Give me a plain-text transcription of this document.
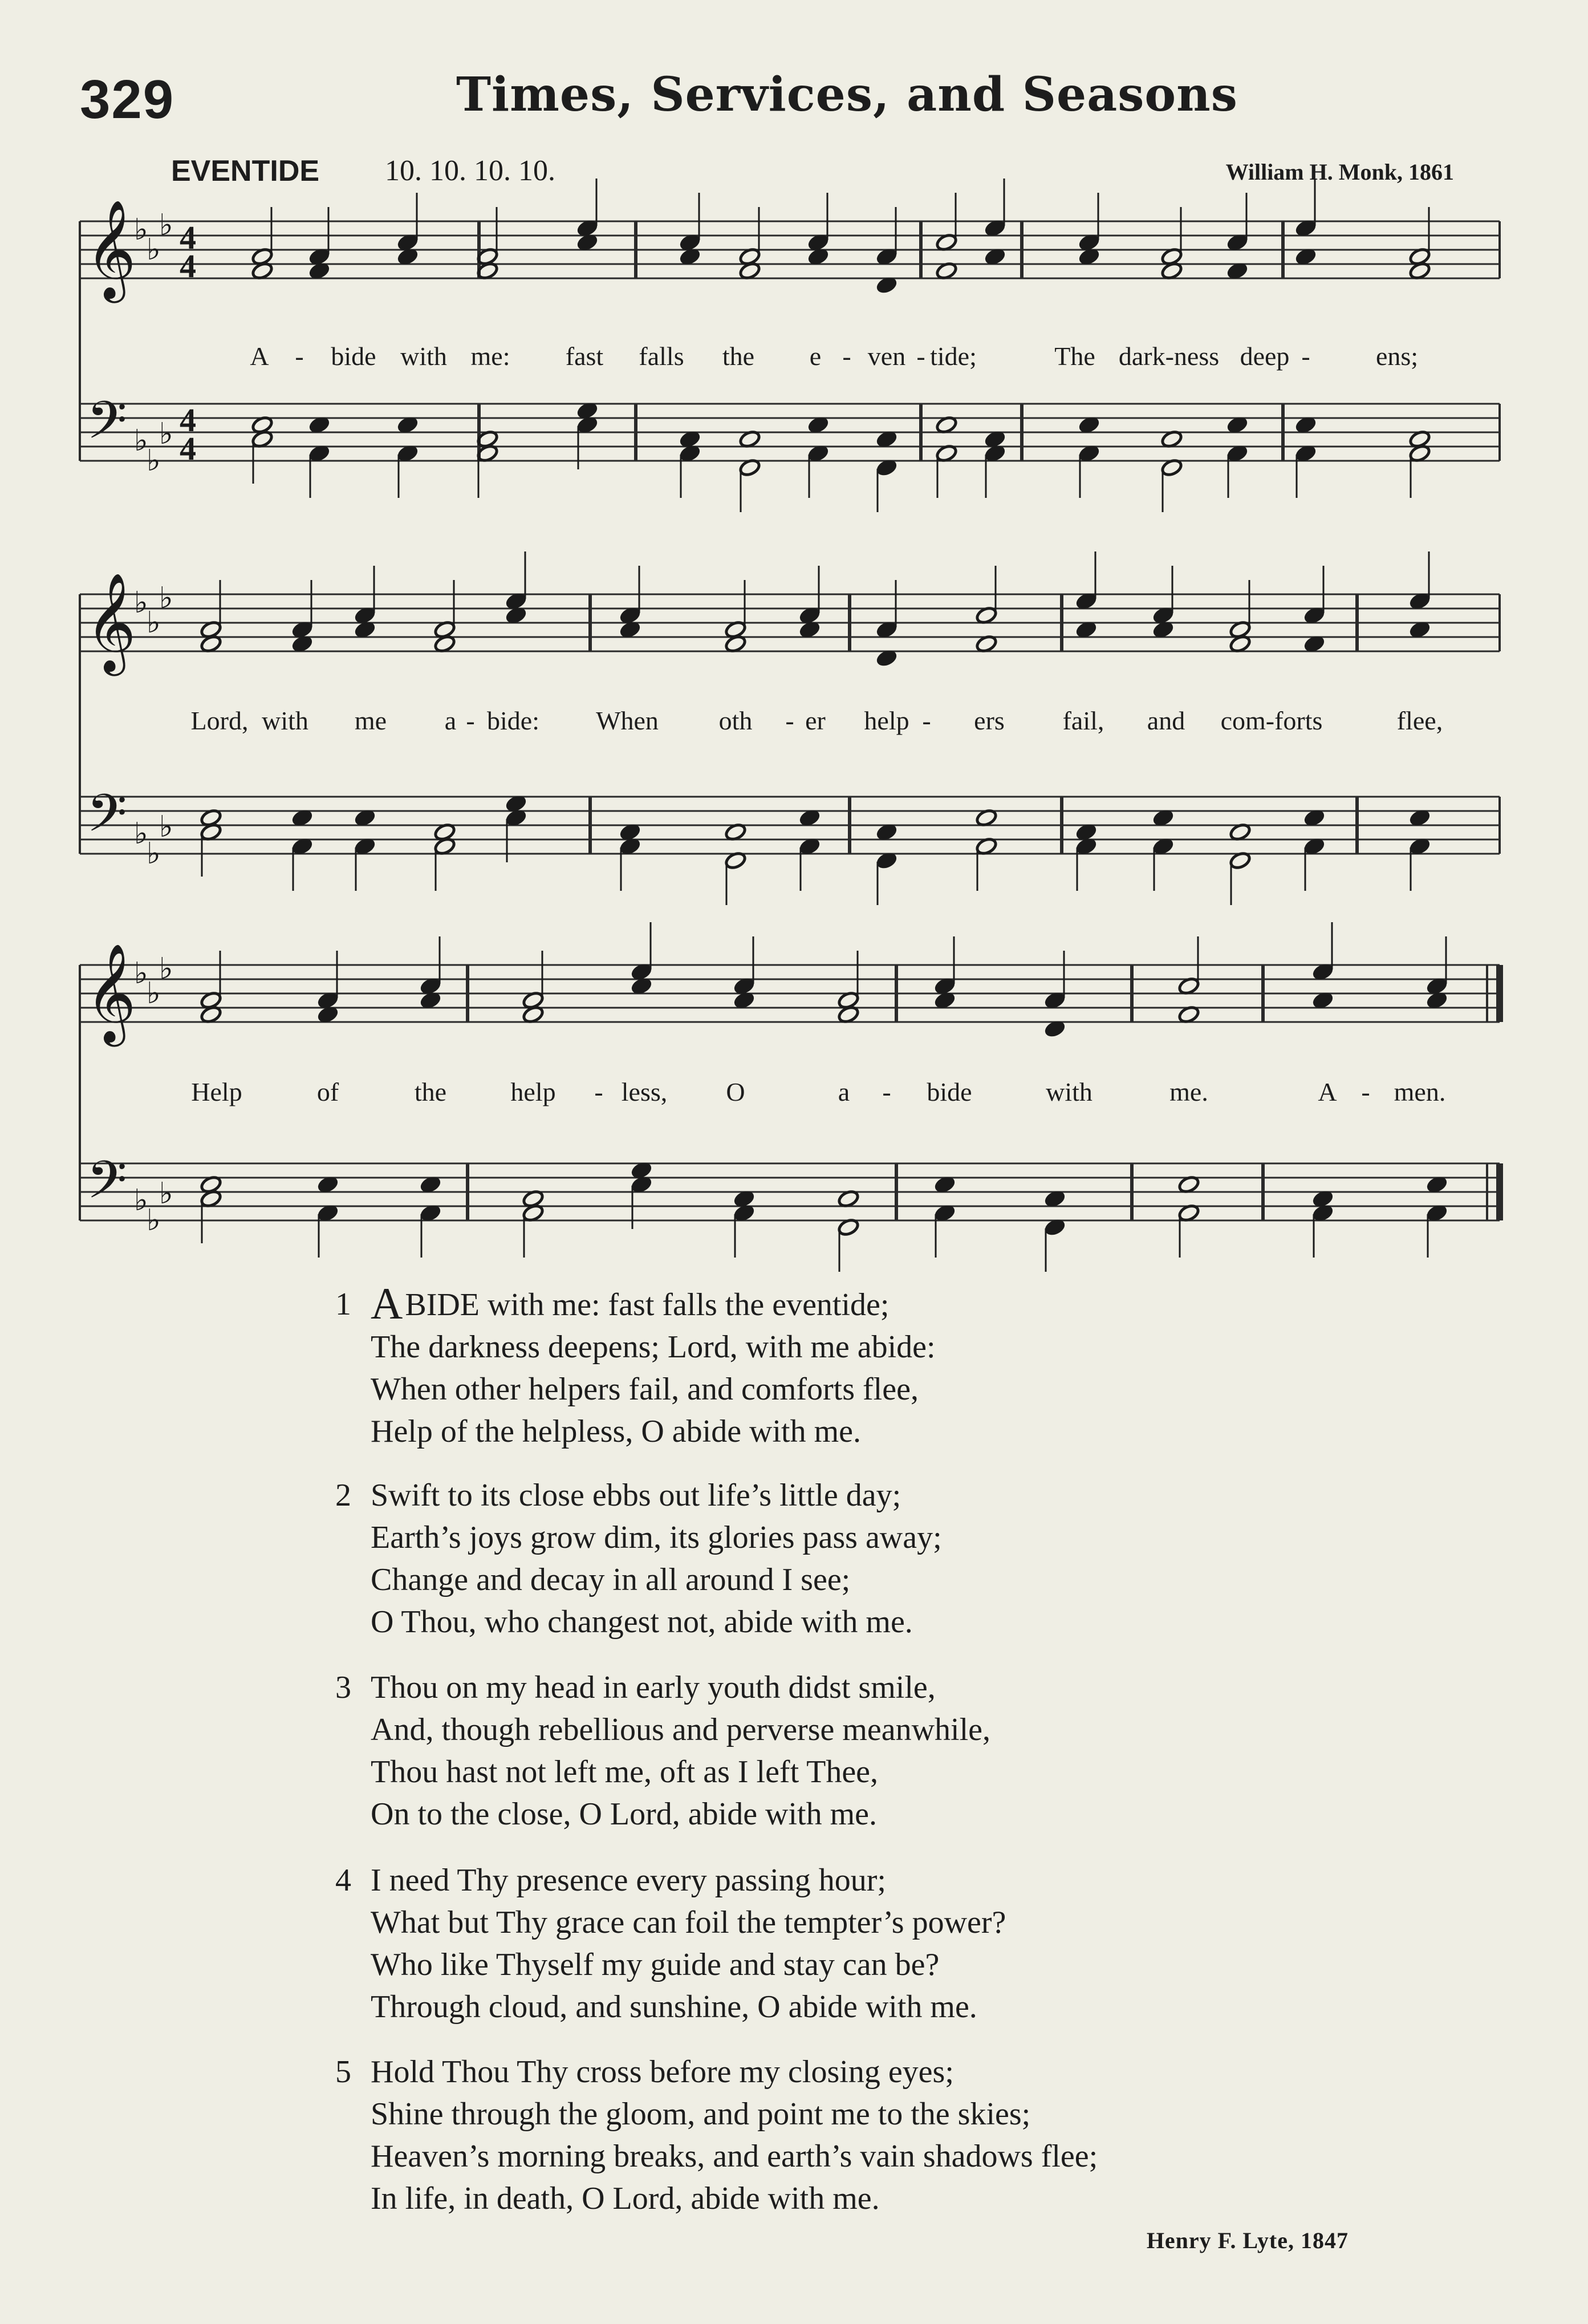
329	Times, Services, and Seasons
EVENTIDE 10. 10. 10. 10.	William H. Monk, 1861
𝄞
♭
♭
♭ 4
4
𝄢 ♭
♭
♭ 4
4
𝄞
♭
♭
♭
𝄢 ♭
♭
♭
𝄞
♭
♭
♭
𝄢 ♭
♭
♭
A - bide with me: fast falls the e - ven - tide;	The dark-ness deep -	ens;
Lord, with me a - bide: When oth - er help - ers fail, and com-forts	flee,
Help	of	the help - less, O	a - bide	with	me.	A - men.
1 ABIDE with me: fast falls the eventide;
The darkness deepens; Lord, with me abide:
When other helpers fail, and comforts flee,
Help of the helpless, O abide with me.
2 Swift to its close ebbs out life’s little day;
Earth’s joys grow dim, its glories pass away;
Change and decay in all around I see;
O Thou, who changest not, abide with me.
3 Thou on my head in early youth didst smile,
And, though rebellious and perverse meanwhile,
Thou hast not left me, oft as I left Thee,
On to the close, O Lord, abide with me.
4 I need Thy presence every passing hour;
What but Thy grace can foil the tempter’s power?
Who like Thyself my guide and stay can be?
Through cloud, and sunshine, O abide with me.
5 Hold Thou Thy cross before my closing eyes;
Shine through the gloom, and point me to the skies;
Heaven’s morning breaks, and earth’s vain shadows flee;
In life, in death, O Lord, abide with me.
Henry F. Lyte, 1847
